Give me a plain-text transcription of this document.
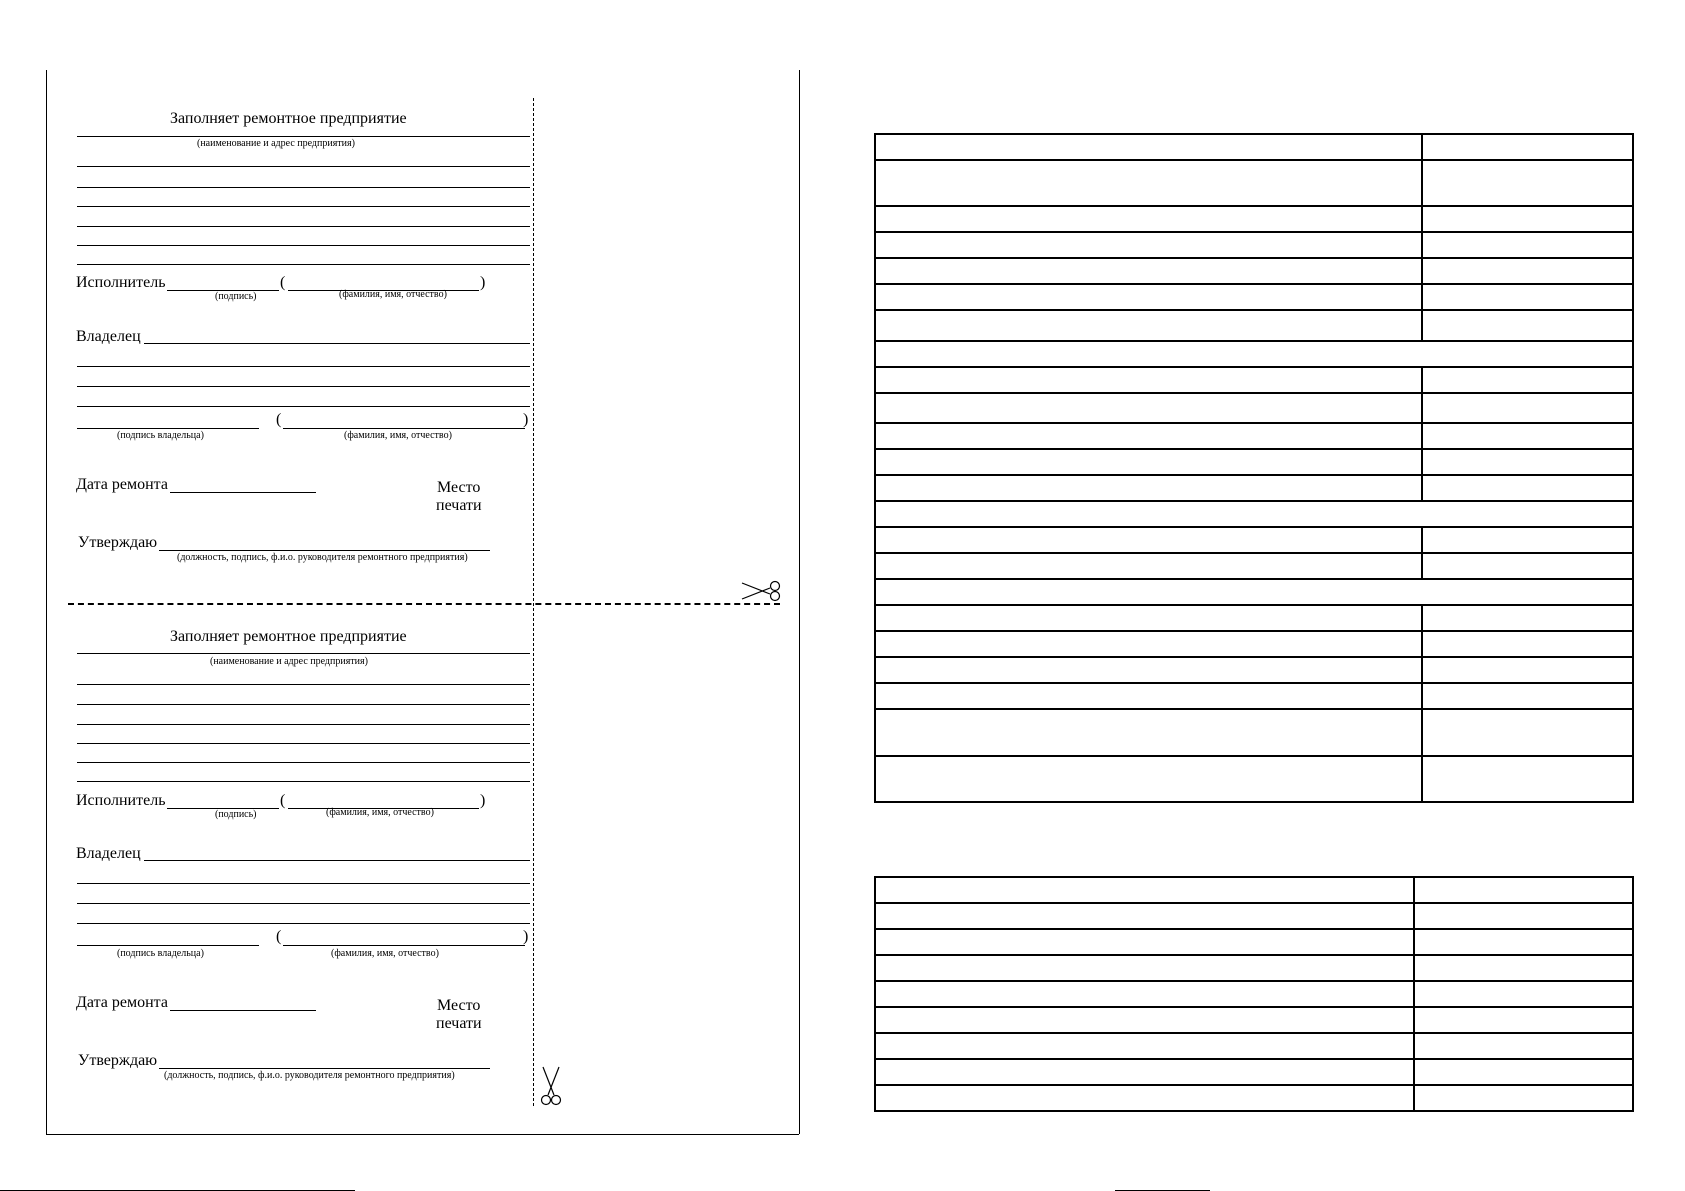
Заполняет ремонтное предприятие
(наименование и адрес предприятия)
Исполнитель	(	)
(подпись)	(фамилия, имя, отчество)
Владелец
(	)
(подпись владельца)	(фамилия, имя, отчество)
Дата ремонта	Место
печати
Утверждаю
(должность, подпись, ф.и.о. руководителя ремонтного предприятия)
Заполняет ремонтное предприятие
(наименование и адрес предприятия)
Исполнитель	(	)
(подпись)	(фамилия, имя, отчество)
Владелец
(	)
(подпись владельца)	(фамилия, имя, отчество)
Дата ремонта	Место
печати
Утверждаю
(должность, подпись, ф.и.о. руководителя ремонтного предприятия)
